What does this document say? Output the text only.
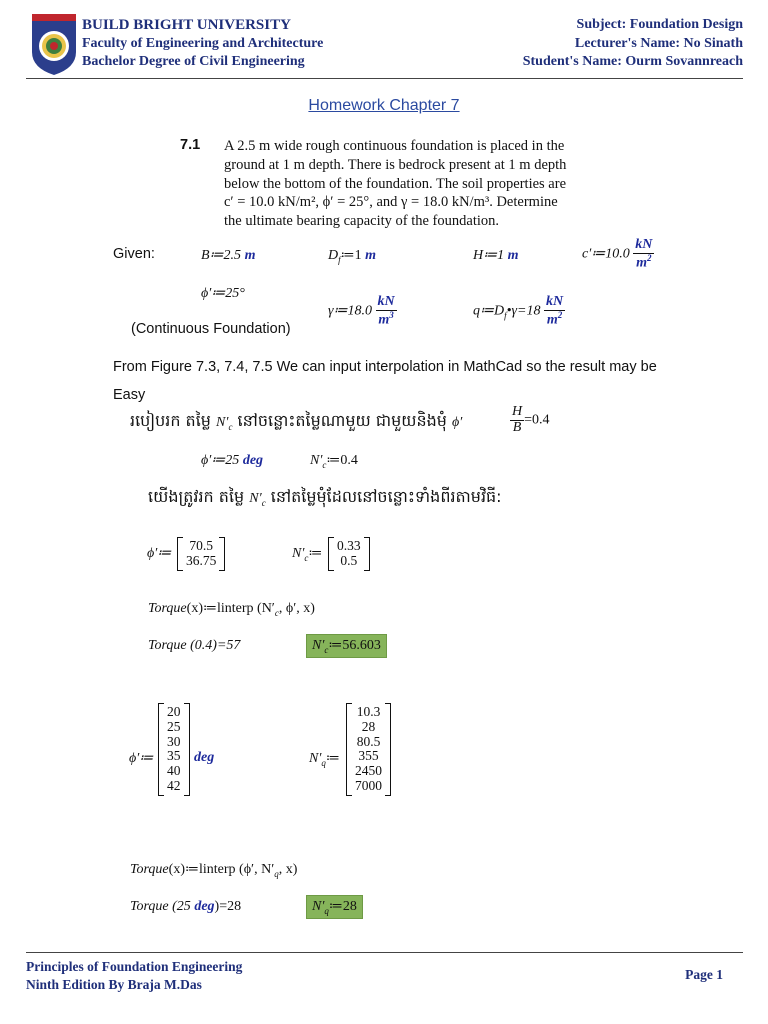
BUILD BRIGHT UNIVERSITY
Faculty of Engineering and Architecture
Bachelor Degree of Civil Engineering
Subject: Foundation Design
Lecturer's Name: No Sinath
Student's Name: Ourm Sovannreach
Homework Chapter 7
7.1 A 2.5 m wide rough continuous foundation is placed in the
ground at 1 m depth. There is bedrock present at 1 m depth
below the bottom of the foundation. The soil properties are
c′ = 10.0 kN/m², ϕ′ = 25°, and γ = 18.0 kN/m³. Determine
the ultimate bearing capacity of the foundation.
Given:	B≔2.5 m	$D_f≔1$ m	H≔1 m	c′≔10.0 $\frac{kN}{m^2}$
ϕ′≔25°
γ≔18.0 $\frac{kN}{m^3}$	$q≔D_f•\gamma=18 \frac{kN}{m^2}$
(Continuous Foundation)
From Figure 7.3, 7.4, 7.5 We can input interpolation in MathCad so the result may be
Easy
របៀបរក តម្លៃ $N'_c$ នៅចន្លោះតម្លៃណាមួយ ជាមួយនិងមុំ ϕ′	$\frac{H}{B} =0.4$
ϕ′≔25 deg	$N'_c≔0.4$
យើងត្រូវរក តម្លៃ $N'_c$ នៅតម្លៃមុំដែលនៅចន្លោះទាំងពីរតាមវិធី:
ϕ′≔
70.5
36.75	$N'_c≔$
0.33
0.5
Torque(x)≔linterp ($N'_c$, ϕ′, x)
Torque (0.4)=57	$N'_c≔56.603$
ϕ′≔
20
25
30
35
40
42
deg	$N'_q≔$
10.3
28
80.5
355
2450
7000
Torque(x)≔linterp (ϕ′, $N'_q$, x)
Torque (25 deg)=28	$N'_q≔28$
Principles of Foundation Engineering
Ninth Edition By Braja M.Das
Page 1
